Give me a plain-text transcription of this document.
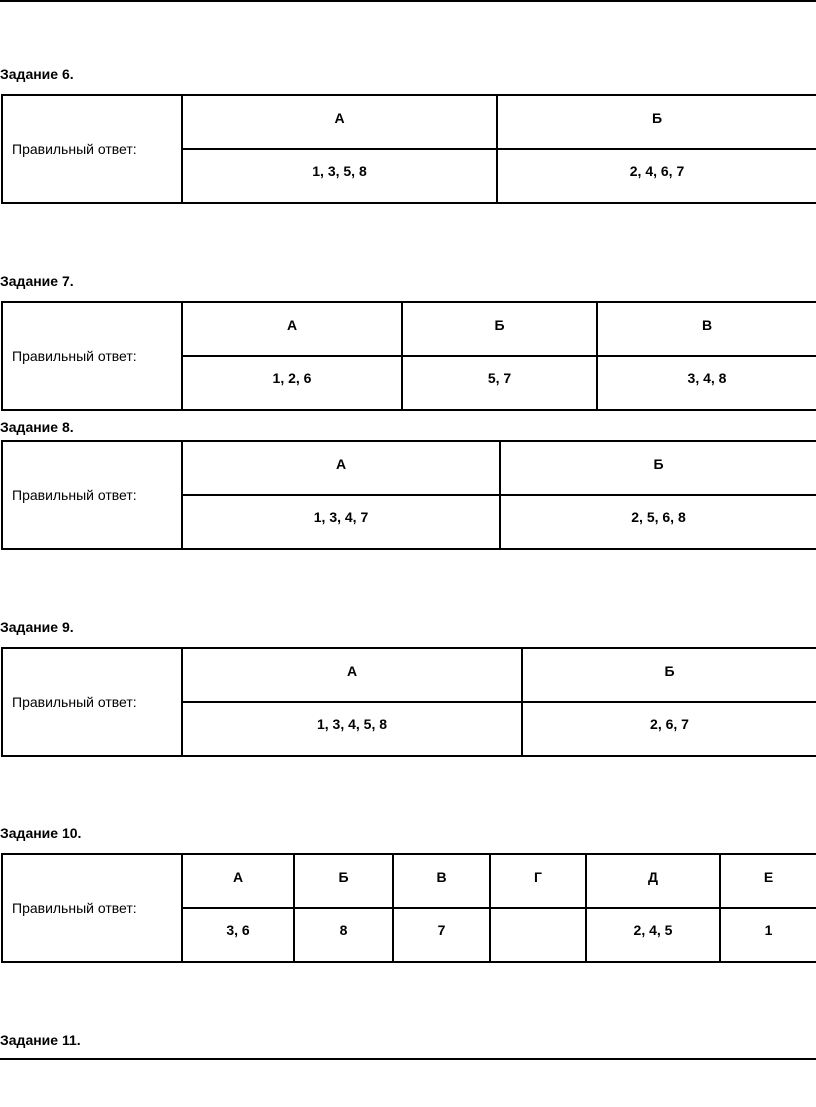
Задание 6.
Правильный ответ:	А	Б
	1, 3, 5, 8	2, 4, 6, 7
Задание 7.
Правильный ответ:	А	Б	В
	1, 2, 6	5, 7	3, 4, 8
Задание 8.
Правильный ответ:	А	Б
	1, 3, 4, 7	2, 5, 6, 8
Задание 9.
Правильный ответ:	А	Б
	1, 3, 4, 5, 8	2, 6, 7
Задание 10.
Правильный ответ:	А	Б	В	Г	Д	Е
	3, 6	8	7		2, 4, 5	1
Задание 11.
